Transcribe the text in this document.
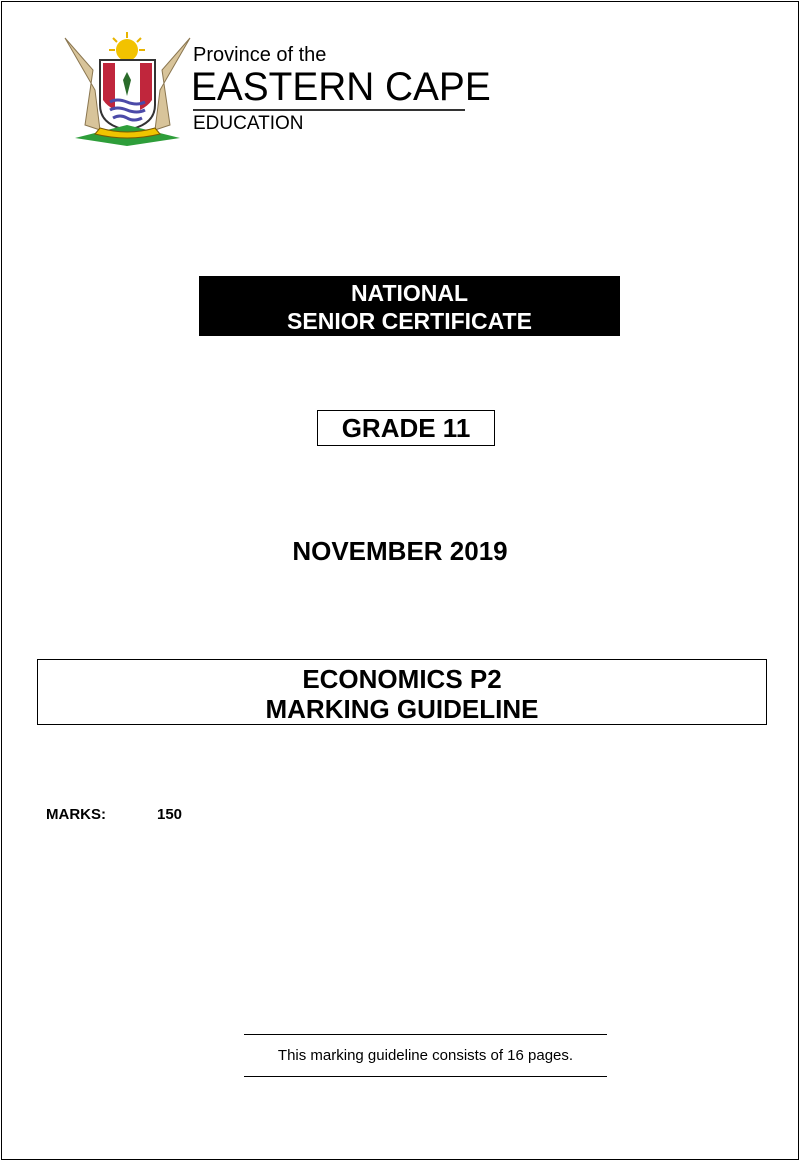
Province of the
EASTERN CAPE
EDUCATION
NATIONAL
SENIOR CERTIFICATE
GRADE 11
NOVEMBER 2019
ECONOMICS P2
MARKING GUIDELINE
MARKS:	150
This marking guideline consists of 16 pages.
